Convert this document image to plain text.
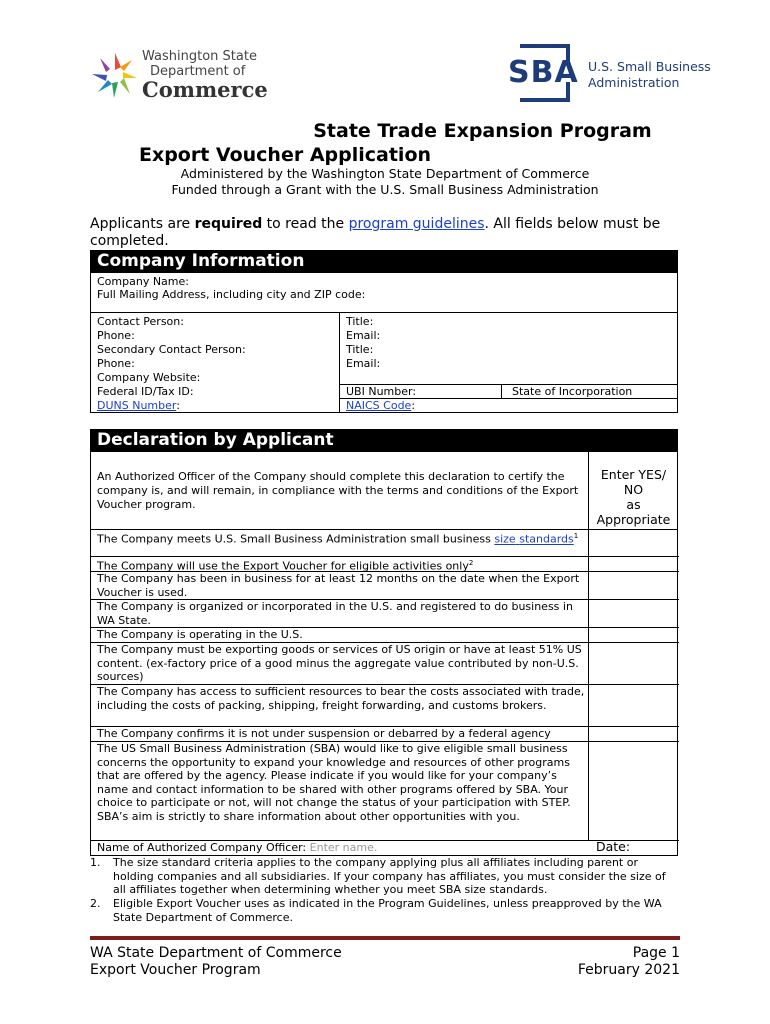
Washington State
Department of
Commerce	SBA U.S. Small Business
Administration
State Trade Expansion Program
Export Voucher Application
Administered by the Washington State Department of Commerce
Funded through a Grant with the U.S. Small Business Administration
Applicants are required to read the program guidelines. All fields below must be completed.
Company Information
Company Name:
Full Mailing Address, including city and ZIP code:
Contact Person:	Title:
Phone:	Email:
Secondary Contact Person:	Title:
Phone:	Email:
Company Website:
Federal ID/Tax ID:	UBI Number:	State of Incorporation
DUNS Number:	NAICS Code:
Declaration by Applicant
An Authorized Officer of the Company should complete this declaration to certify the company is, and will remain, in compliance with the terms and conditions of the Export Voucher program.
Enter YES/
NO
as
Appropriate
The Company meets U.S. Small Business Administration small business size standards$^1$
The Company will use the Export Voucher for eligible activities only$^2$
The Company has been in business for at least 12 months on the date when the Export Voucher is used.
The Company is organized or incorporated in the U.S. and registered to do business in WA State.
The Company is operating in the U.S.
The Company must be exporting goods or services of US origin or have at least 51% US content. (ex-factory price of a good minus the aggregate value contributed by non-U.S. sources)
The Company has access to sufficient resources to bear the costs associated with trade, including the costs of packing, shipping, freight forwarding, and customs brokers.
The Company confirms it is not under suspension or debarred by a federal agency
The US Small Business Administration (SBA) would like to give eligible small business concerns the opportunity to expand your knowledge and resources of other programs that are offered by the agency. Please indicate if you would like for your company’s name and contact information to be shared with other programs offered by SBA. Your choice to participate or not, will not change the status of your participation with STEP. SBA’s aim is strictly to share information about other opportunities with you.
Name of Authorized Company Officer: Enter name.	Date:
1.	The size standard criteria applies to the company applying plus all affiliates including parent or holding companies and all subsidiaries. If your company has affiliates, you must consider the size of all affiliates together when determining whether you meet SBA size standards.
2.	Eligible Export Voucher uses as indicated in the Program Guidelines, unless preapproved by the WA State Department of Commerce.
WA State Department of Commerce
Export Voucher Program
Page 1
February 2021
